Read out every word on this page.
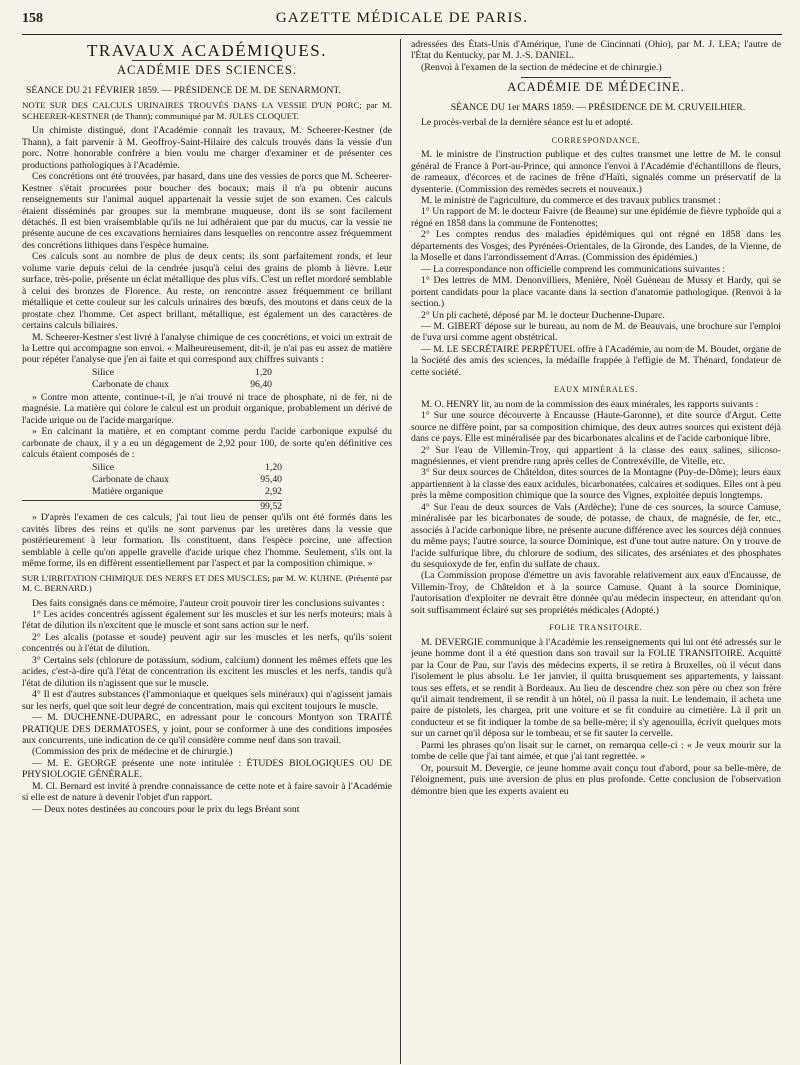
158	GAZETTE MÉDICALE DE PARIS.
TRAVAUX ACADÉMIQUES.
ACADÉMIE DES SCIENCES.
SÉANCE DU 21 FÉVRIER 1859. — PRÉSIDENCE DE M. DE SENARMONT.

NOTE SUR DES CALCULS URINAIRES TROUVÉS DANS LA VESSIE D'UN PORC; par M. SCHEERER-KESTNER (de Thann); communiqué par M. JULES CLOQUET.

Un chimiste distingué, dont l'Académie connaît les travaux, M. Scheerer-Kestner (de Thann), a fait parvenir à M. Geoffroy-Saint-Hilaire des calculs trouvés dans la vessie d'un porc. Notre honorable confrère a bien voulu me charger d'examiner et de présenter ces productions pathologiques à l'Académie.

Ces concrétions ont été trouvées, par hasard, dans une des vessies de porcs que M. Scheerer-Kestner s'était procurées pour boucher des bocaux; mais il n'a pu obtenir aucuns renseignements sur l'animal auquel appartenait la vessie sujet de son examen. Ces calculs étaient disséminés par groupes sur la membrane muqueuse, dont ils se sont facilement détachés. Il est bien vraisemblable qu'ils ne lui adhéraient que par du mucus, car la vessie ne présente aucune de ces excavations herniaires dans lesquelles on rencontre assez fréquemment des concrétions lithiques dans l'espèce humaine.

Ces calculs sont au nombre de plus de deux cents; ils sont parfaitement ronds, et leur volume varie depuis celui de la cendrée jusqu'à celui des grains de plomb à lièvre. Leur surface, très-polie, présente un éclat métallique des plus vifs. C'est un reflet mordoré semblable à celui des bronzes de Florence. Au reste, on rencontre assez fréquemment ce brillant métallique et cette couleur sur les calculs urinaires des bœufs, des moutons et dans ceux de la prostate chez l'homme. Cet aspect brillant, métallique, est également un des caractères de certains calculs biliaires.

M. Scheerer-Kestner s'est livré à l'analyse chimique de ces concrétions, et voici un extrait de la Lettre qui accompagne son envoi. « Malheureusement, dit-il, je n'ai pas eu assez de matière pour répéter l'analyse que j'en ai faite et qui correspond aux chiffres suivants :

Silice	1,20
Carbonate de chaux	96,40

» Contre mon attente, continue-t-il, je n'ai trouvé ni trace de phosphate, ni de fer, ni de magnésie. La matière qui colore le calcul est un produit organique, probablement un dérivé de l'acide urique ou de l'acide margarique.

» En calcinant la matière, et en comptant comme perdu l'acide carbonique expulsé du carbonate de chaux, il y a eu un dégagement de 2,92 pour 100, de sorte qu'en définitive ces calculs étaient composés de :

Silice	1,20
Carbonate de chaux	95,40
Matière organique	2,92
99,52

» D'après l'examen de ces calculs, j'ai tout lieu de penser qu'ils ont été formés dans les cavités libres des reins et qu'ils ne sont parvenus par les uretères dans la vessie que postérieurement à leur formation. Ils constituent, dans l'espèce porcine, une affection semblable à celle qu'on appelle gravelle d'acide urique chez l'homme. Seulement, s'ils ont la même forme, ils en diffèrent essentiellement par l'aspect et par la composition chimique. »

SUR L'IRRITATION CHIMIQUE DES NERFS ET DES MUSCLES; par M. W. KUHNE. (Présenté par M. C. BERNARD.)

Des faits consignés dans ce mémoire, l'auteur croit pouvoir tirer les conclusions suivantes :

1° Les acides concentrés agissent également sur les muscles et sur les nerfs moteurs; mais à l'état de dilution ils n'excitent que le muscle et sont sans action sur le nerf.

2° Les alcalis (potasse et soude) peuvent agir sur les muscles et les nerfs, qu'ils soient concentrés ou à l'état de dilution.

3° Certains sels (chlorure de potassium, sodium, calcium) donnent les mêmes effets que les acides, c'est-à-dire qu'à l'état de concentration ils excitent les muscles et les nerfs, tandis qu'à l'état de dilution ils n'agissent que sur le muscle.

4° Il est d'autres substances (l'ammoniaque et quelques sels minéraux) qui n'agissent jamais sur les nerfs, quel que soit leur degré de concentration, mais qui excitent toujours le muscle.

— M. DUCHENNE-DUPARC, en adressant pour le concours Montyon son TRAITÉ PRATIQUE DES DERMATOSES, y joint, pour se conformer à une des conditions imposées aux concurrents, une indication de ce qu'il considère comme neuf dans son travail.

(Commission des prix de médecine et de chirurgie.)

— M. E. GEORGE présente une note intitulée : ÉTUDES BIOLOGIQUES OU DE PHYSIOLOGIE GÉNÉRALE.

M. Cl. Bernard est invité à prendre connaissance de cette note et à faire savoir à l'Académie si elle est de nature à devenir l'objet d'un rapport.

— Deux notes destinées au concours pour le prix du legs Bréant sont

adressées des États-Unis d'Amérique, l'une de Cincinnati (Ohio), par M. J. LEA; l'autre de l'État du Kentucky, par M. J.-S. DANIEL.

(Renvoi à l'examen de la section de médecine et de chirurgie.)

ACADÉMIE DE MÉDECINE.
SÉANCE DU 1er MARS 1859. — PRÉSIDENCE DE M. CRUVEILHIER.

Le procès-verbal de la dernière séance est lu et adopté.

CORRESPONDANCE.

M. le ministre de l'instruction publique et des cultes transmet une lettre de M. le consul général de France à Port-au-Prince, qui annonce l'envoi à l'Académie d'échantillons de fleurs, de rameaux, d'écorces et de racines de frêne d'Haïti, signalés comme un préservatif de la dysenterie. (Commission des remèdes secrets et nouveaux.)

M. le ministre de l'agriculture, du commerce et des travaux publics transmet :

1° Un rapport de M. le docteur Faivre (de Beaune) sur une épidémie de fièvre typhoïde qui a régné en 1858 dans la commune de Fontenottes;

2° Les comptes rendus des maladies épidémiques qui ont régné en 1858 dans les départements des Vosges, des Pyrénées-Orientales, de la Gironde, des Landes, de la Vienne, de la Moselle et dans l'arrondissement d'Arras. (Commission des épidémies.)

— La correspondance non officielle comprend les communications suivantes :

1° Des lettres de MM. Denonvilliers, Menière, Noël Guéneau de Mussy et Hardy, qui se portent candidats pour la place vacante dans la section d'anatomie pathologique. (Renvoi à la section.)

2° Un pli cacheté, déposé par M. le docteur Duchenne-Duparc.

— M. GIBERT dépose sur le bureau, au nom de M. de Beauvais, une brochure sur l'emploi de l'uva ursi comme agent obstétrical.

— M. LE SECRÉTAIRE PERPÉTUEL offre à l'Académie, au nom de M. Boudet, organe de la Société des amis des sciences, la médaille frappée à l'effigie de M. Thénard, fondateur de cette société.

EAUX MINÉRALES.

M. O. HENRY lit, au nom de la commission des eaux minérales, les rapports suivants :

1° Sur une source découverte à Encausse (Haute-Garonne), et dite source d'Argut. Cette source ne diffère point, par sa composition chimique, des deux autres sources qui existent déjà dans ce pays. Elle est minéralisée par des bicarbonates alcalins et de l'acide carbonique libre.

2° Sur l'eau de Villemin-Troy, qui appartient à la classe des eaux salines, silicoso-magnésiennes, et vient prendre rang après celles de Contrexéville, de Vitelle, etc.

3° Sur deux sources de Châteldon, dites sources de la Montagne (Puy-de-Dôme); leurs eaux appartiennent à la classe des eaux acidules, bicarbonatées, calcaires et sodiques. Elles ont à peu près la même composition chimique que la source des Vignes, exploitée depuis longtemps.

4° Sur l'eau de deux sources de Vals (Ardèche); l'une de ces sources, la source Camuse, minéralisée par les bicarbonates de soude, de potasse, de chaux, de magnésie, de fer, etc., associés à l'acide carbonique libre, ne présente aucune différence avec les sources déjà connues du même pays; l'autre source, la source Dominique, est d'une tout autre nature. On y trouve de l'acide sulfurique libre, du chlorure de sodium, des silicates, des arséniates et des phosphates du sesquioxyde de fer, enfin du sulfate de chaux.

(La Commission propose d'émettre un avis favorable relativement aux eaux d'Encausse, de Villemin-Troy, de Châteldon et à la source Camuse. Quant à la source Dominique, l'autorisation d'exploiter ne devrait être donnée qu'au médecin inspecteur, en attendant qu'on soit suffisamment éclairé sur ses propriétés médicales (Adopté.)

FOLIE TRANSITOIRE.

M. DEVERGIE communique à l'Académie les renseignements qui lui ont été adressés sur le jeune homme dont il a été question dans son travail sur la FOLIE TRANSITOIRE. Acquitté par la Cour de Pau, sur l'avis des médecins experts, il se retira à Bruxelles, où il vécut dans l'isolement le plus absolu. Le 1er janvier, il quitta brusquement ses appartements, y laissant tous ses effets, et se rendit à Bordeaux. Au lieu de descendre chez son père ou chez son frère qu'il aimait tendrement, il se rendit à un hôtel, où il passa la nuit. Le lendemain, il acheta une paire de pistolets, les chargea, prit une voiture et se fit conduire au cimetière. Là il prit un conducteur et se fit indiquer la tombe de sa belle-mère; il s'y agenouilla, écrivit quelques mots sur un carnet qu'il déposa sur le tombeau, et se fit sauter la cervelle.

Parmi les phrases qu'on lisait sur le carnet, on remarqua celle-ci : « Je veux mourir sur la tombe de celle que j'ai tant aimée, et que j'ai tant regrettée. »

Or, poursuit M. Devergie, ce jeune homme avait conçu tout d'abord, pour sa belle-mère, de l'éloignement, puis une aversion de plus en plus profonde. Cette conclusion de l'observation démontre bien que les experts avaient eu
